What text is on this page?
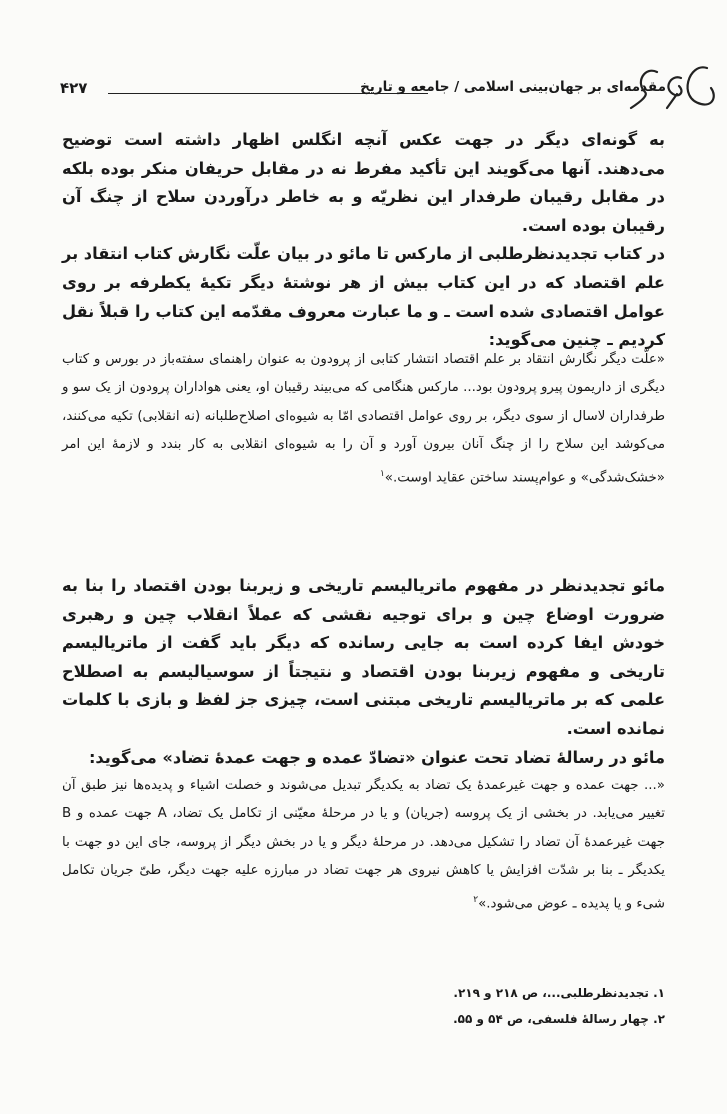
۴۲۷	مقدمه‌ای بر جهان‌بینی اسلامی / جامعه و تاریخ

به گونه‌ای دیگر در جهت عکس آنچه انگلس اظهار داشته است توضیح می‌دهند. آنها می‌گویند این تأکید مفرط نه در مقابل حریفان منکر بوده بلکه در مقابل رقیبان طرفدار این نظریّه و به خاطر درآوردن سلاح از چنگ آن رقیبان بوده است.

در کتاب تجدیدنظرطلبی از مارکس تا مائو در بیان علّت نگارش کتاب انتقاد بر علم اقتصاد که در این کتاب بیش از هر نوشتهٔ دیگر تکیهٔ یکطرفه بر روی عوامل اقتصادی شده است ـ و ما عبارت معروف مقدّمه این کتاب را قبلاً نقل کردیم ـ چنین می‌گوید:

«علّت دیگر نگارش انتقاد بر علم اقتصاد انتشار کتابی از پرودون به عنوان راهنمای سفته‌باز در بورس و کتاب دیگری از داریمون پیرو پرودون بود... مارکس هنگامی که می‌بیند رقیبان او، یعنی هواداران پرودون از یک سو و طرفداران لاسال از سوی دیگر، بر روی عوامل اقتصادی امّا به شیوه‌ای اصلاح‌طلبانه (نه انقلابی) تکیه می‌کنند، می‌کوشد این سلاح را از چنگ آنان بیرون آورد و آن را به شیوه‌ای انقلابی به کار بندد و لازمهٔ این امر «خشک‌شدگی» و عوام‌پسند ساختن عقاید اوست.»$^۱$

مائو تجدیدنظر در مفهوم ماتریالیسم تاریخی و زیربنا بودن اقتصاد را بنا به ضرورت اوضاع چین و برای توجیه نقشی که عملاً انقلاب چین و رهبری خودش ایفا کرده است به جایی رسانده که دیگر باید گفت از ماتریالیسم تاریخی و مفهوم زیربنا بودن اقتصاد و نتیجتاً از سوسیالیسم به اصطلاح علمی که بر ماتریالیسم تاریخی مبتنی است، چیزی جز لفظ و بازی با کلمات نمانده است.

مائو در رسالهٔ تضاد تحت عنوان «تضادّ عمده و جهت عمدهٔ تضاد» می‌گوید:

«... جهت عمده و جهت غیرعمدهٔ یک تضاد به یکدیگر تبدیل می‌شوند و خصلت اشیاء و پدیده‌ها نیز طبق آن تغییر می‌یابد. در بخشی از یک پروسه (جریان) و یا در مرحلهٔ معیّنی از تکامل یک تضاد، A جهت عمده و B جهت غیرعمدهٔ آن تضاد را تشکیل می‌دهد. در مرحلهٔ دیگر و یا در بخش دیگر از پروسه، جای این دو جهت با یکدیگر ـ بنا بر شدّت افزایش یا کاهش نیروی هر جهت تضاد در مبارزه علیه جهت دیگر، طیّ جریان تکامل شیء و یا پدیده ـ عوض می‌شود.»$^۲$

۱. تجدیدنظرطلبی...، ص ۲۱۸ و ۲۱۹.
۲. چهار رسالهٔ فلسفی، ص ۵۴ و ۵۵.
